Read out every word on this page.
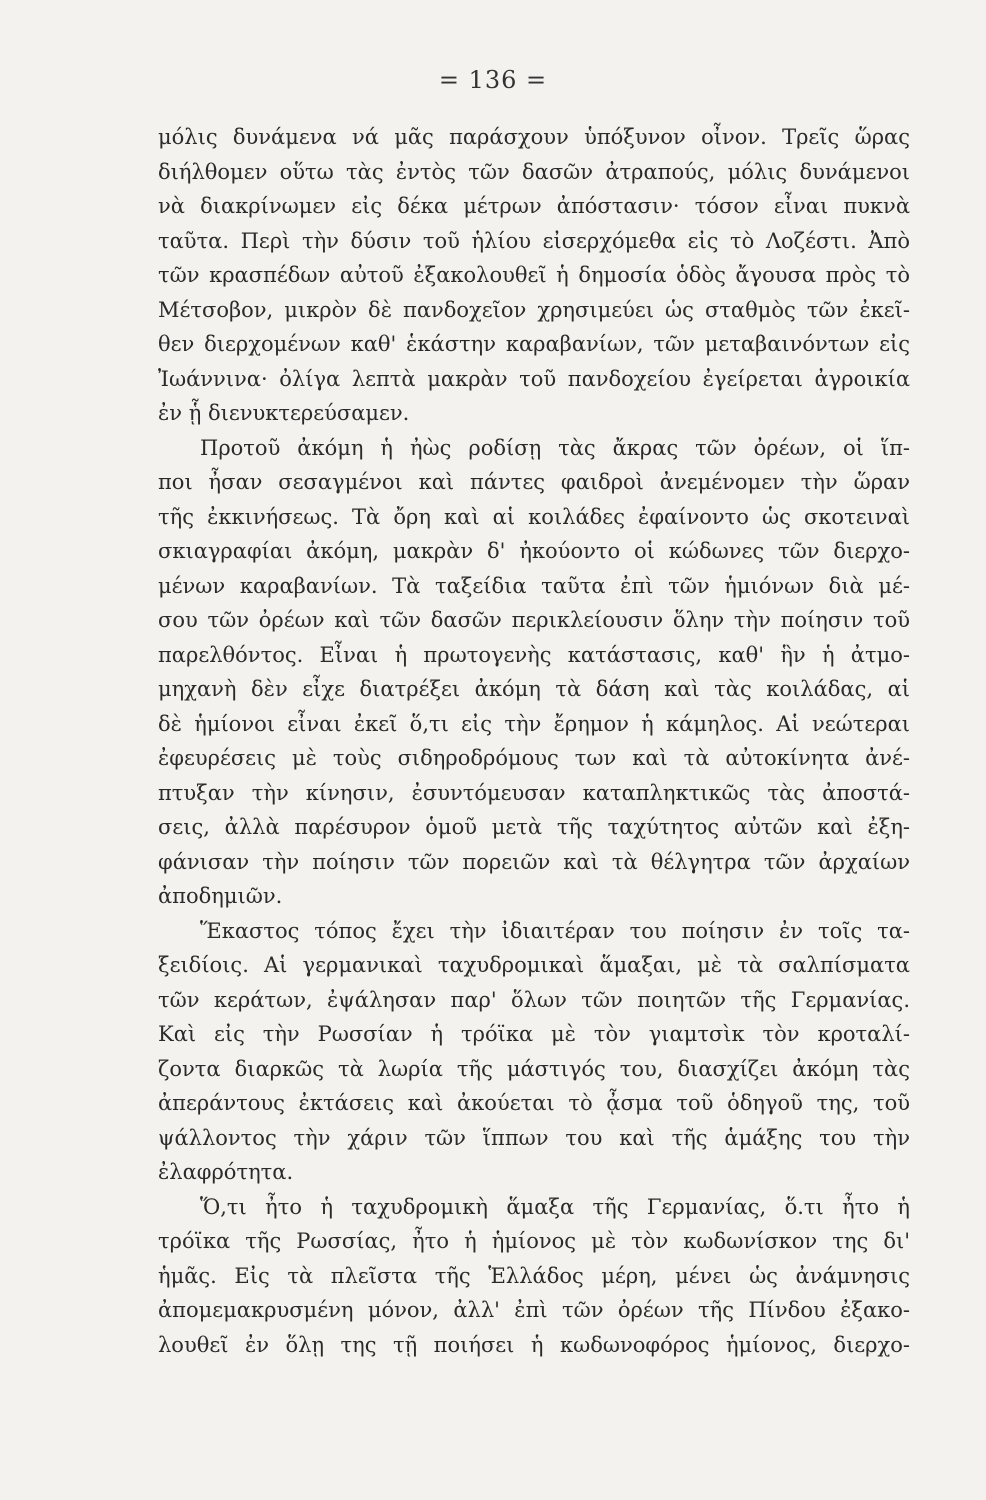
= 136 =
μόλις δυνάμενα νά μᾶς παράσχουν ὑπόξυνον οἶνον. Τρεῖς ὥρας
διήλθομεν οὕτω τὰς ἐντὸς τῶν δασῶν ἀτραπούς, μόλις δυνάμενοι
νὰ διακρίνωμεν εἰς δέκα μέτρων ἀπόστασιν· τόσον εἶναι πυκνὰ
ταῦτα. Περὶ τὴν δύσιν τοῦ ἡλίου εἰσερχόμεθα εἰς τὸ Λοζέστι. Ἀπὸ
τῶν κρασπέδων αὐτοῦ ἐξακολουθεῖ ἡ δημοσία ὁδὸς ἄγουσα πρὸς τὸ
Μέτσοβον, μικρὸν δὲ πανδοχεῖον χρησιμεύει ὡς σταθμὸς τῶν ἐκεῖ-
θεν διερχομένων καθ' ἑκάστην καραβανίων, τῶν μεταβαινόντων εἰς
Ἰωάννινα· ὀλίγα λεπτὰ μακρὰν τοῦ πανδοχείου ἐγείρεται ἀγροικία
ἐν ᾗ διενυκτερεύσαμεν.
Προτοῦ ἀκόμη ἡ ἠὼς ροδίσῃ τὰς ἄκρας τῶν ὀρέων, οἱ ἵπ-
ποι ἦσαν σεσαγμένοι καὶ πάντες φαιδροὶ ἀνεμένομεν τὴν ὥραν
τῆς ἐκκινήσεως. Τὰ ὄρη καὶ αἱ κοιλάδες ἐφαίνοντο ὡς σκοτειναὶ
σκιαγραφίαι ἀκόμη, μακρὰν δ' ἠκούοντο οἱ κώδωνες τῶν διερχο-
μένων καραβανίων. Τὰ ταξείδια ταῦτα ἐπὶ τῶν ἡμιόνων διὰ μέ-
σου τῶν ὀρέων καὶ τῶν δασῶν περικλείουσιν ὅλην τὴν ποίησιν τοῦ
παρελθόντος. Εἶναι ἡ πρωτογενὴς κατάστασις, καθ' ἣν ἡ ἀτμο-
μηχανὴ δὲν εἶχε διατρέξει ἀκόμη τὰ δάση καὶ τὰς κοιλάδας, αἱ
δὲ ἡμίονοι εἶναι ἐκεῖ ὅ,τι εἰς τὴν ἔρημον ἡ κάμηλος. Αἱ νεώτεραι
ἐφευρέσεις μὲ τοὺς σιδηροδρόμους των καὶ τὰ αὐτοκίνητα ἀνέ-
πτυξαν τὴν κίνησιν, ἐσυντόμευσαν καταπληκτικῶς τὰς ἀποστά-
σεις, ἀλλὰ παρέσυρον ὁμοῦ μετὰ τῆς ταχύτητος αὐτῶν καὶ ἐξη-
φάνισαν τὴν ποίησιν τῶν πορειῶν καὶ τὰ θέλγητρα τῶν ἀρχαίων
ἀποδημιῶν.
Ἕκαστος τόπος ἔχει τὴν ἰδιαιτέραν του ποίησιν ἐν τοῖς τα-
ξειδίοις. Αἱ γερμανικαὶ ταχυδρομικαὶ ἅμαξαι, μὲ τὰ σαλπίσματα
τῶν κεράτων, ἐψάλησαν παρ' ὅλων τῶν ποιητῶν τῆς Γερμανίας.
Καὶ εἰς τὴν Ρωσσίαν ἡ τρόϊκα μὲ τὸν γιαμτσὶκ τὸν κροταλί-
ζοντα διαρκῶς τὰ λωρία τῆς μάστιγός του, διασχίζει ἀκόμη τὰς
ἀπεράντους ἐκτάσεις καὶ ἀκούεται τὸ ᾆσμα τοῦ ὁδηγοῦ της, τοῦ
ψάλλοντος τὴν χάριν τῶν ἵππων του καὶ τῆς ἁμάξης του τὴν
ἐλαφρότητα.
Ὅ,τι ἦτο ἡ ταχυδρομικὴ ἅμαξα τῆς Γερμανίας, ὅ.τι ἦτο ἡ
τρόϊκα τῆς Ρωσσίας, ἦτο ἡ ἡμίονος μὲ τὸν κωδωνίσκον της δι'
ἡμᾶς. Εἰς τὰ πλεῖστα τῆς Ἑλλάδος μέρη, μένει ὡς ἀνάμνησις
ἀπομεμακρυσμένη μόνον, ἀλλ' ἐπὶ τῶν ὀρέων τῆς Πίνδου ἐξακο-
λουθεῖ ἐν ὅλῃ της τῇ ποιήσει ἡ κωδωνοφόρος ἡμίονος, διερχο-
